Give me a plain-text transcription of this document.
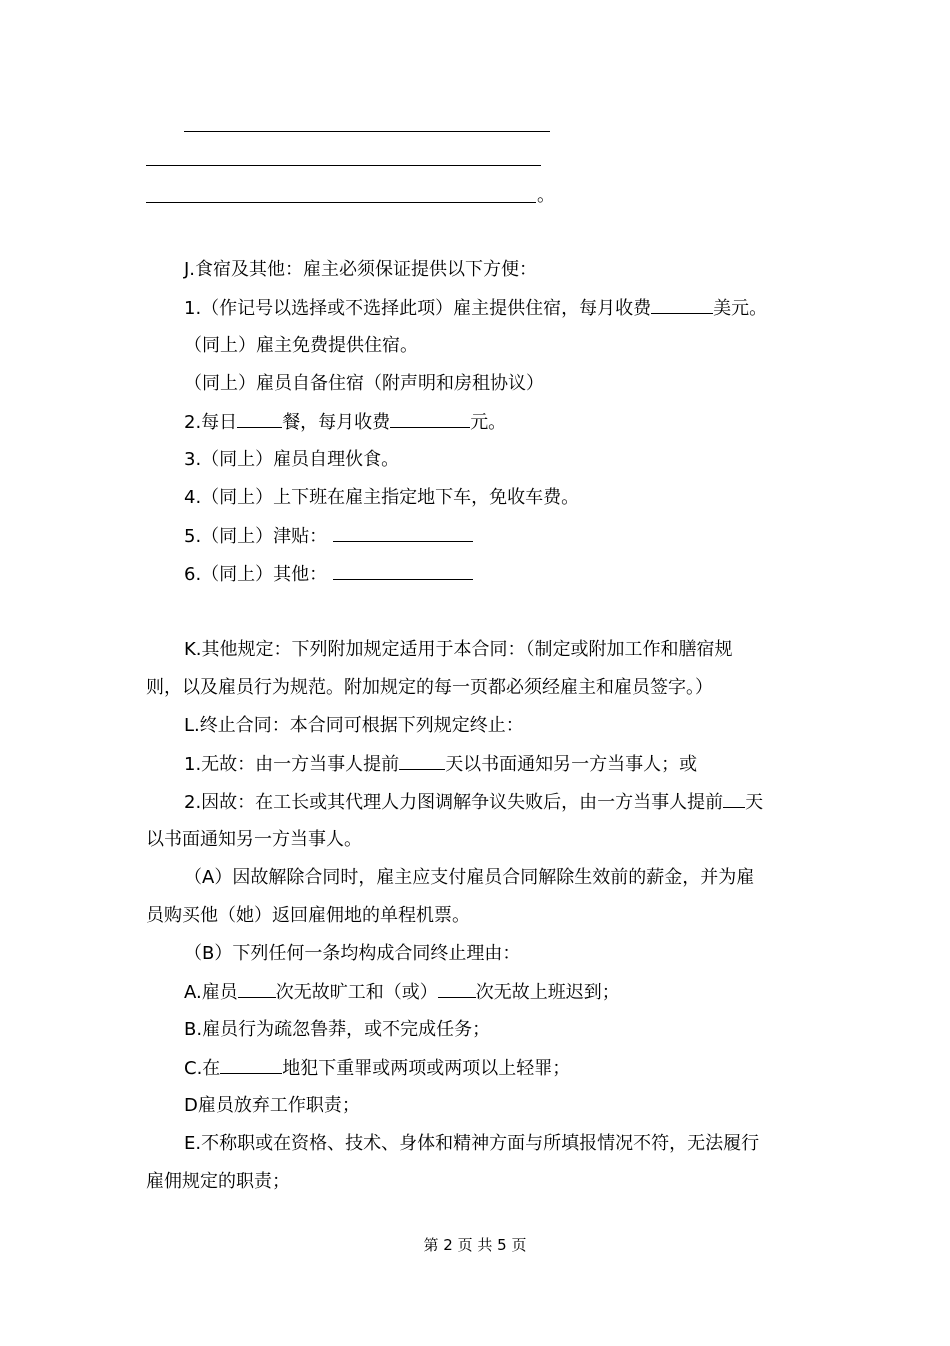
。
J.食宿及其他：雇主必须保证提供以下方便：
1.（作记号以选择或不选择此项）雇主提供住宿，每月收费	美元。
（同上）雇主免费提供住宿。
（同上）雇员自备住宿（附声明和房租协议）
2.每日	餐，每月收费	元。
3.（同上）雇员自理伙食。
4.（同上）上下班在雇主指定地下车，免收车费。
5.（同上）津贴：
6.（同上）其他：
K.其他规定：下列附加规定适用于本合同：（制定或附加工作和膳宿规
则，以及雇员行为规范。附加规定的每一页都必须经雇主和雇员签字。）
L.终止合同：本合同可根据下列规定终止：
1.无故：由一方当事人提前	天以书面通知另一方当事人；或
2.因故：在工长或其代理人力图调解争议失败后，由一方当事人提前 天
以书面通知另一方当事人。
（A）因故解除合同时，雇主应支付雇员合同解除生效前的薪金，并为雇
员购买他（她）返回雇佣地的单程机票。
（B）下列任何一条均构成合同终止理由：
A.雇员 次无故旷工和（或） 次无故上班迟到；
B.雇员行为疏忽鲁莽，或不完成任务；
C.在	地犯下重罪或两项或两项以上轻罪；
D雇员放弃工作职责；
E.不称职或在资格、技术、身体和精神方面与所填报情况不符，无法履行
雇佣规定的职责；
第 2 页 共 5 页
